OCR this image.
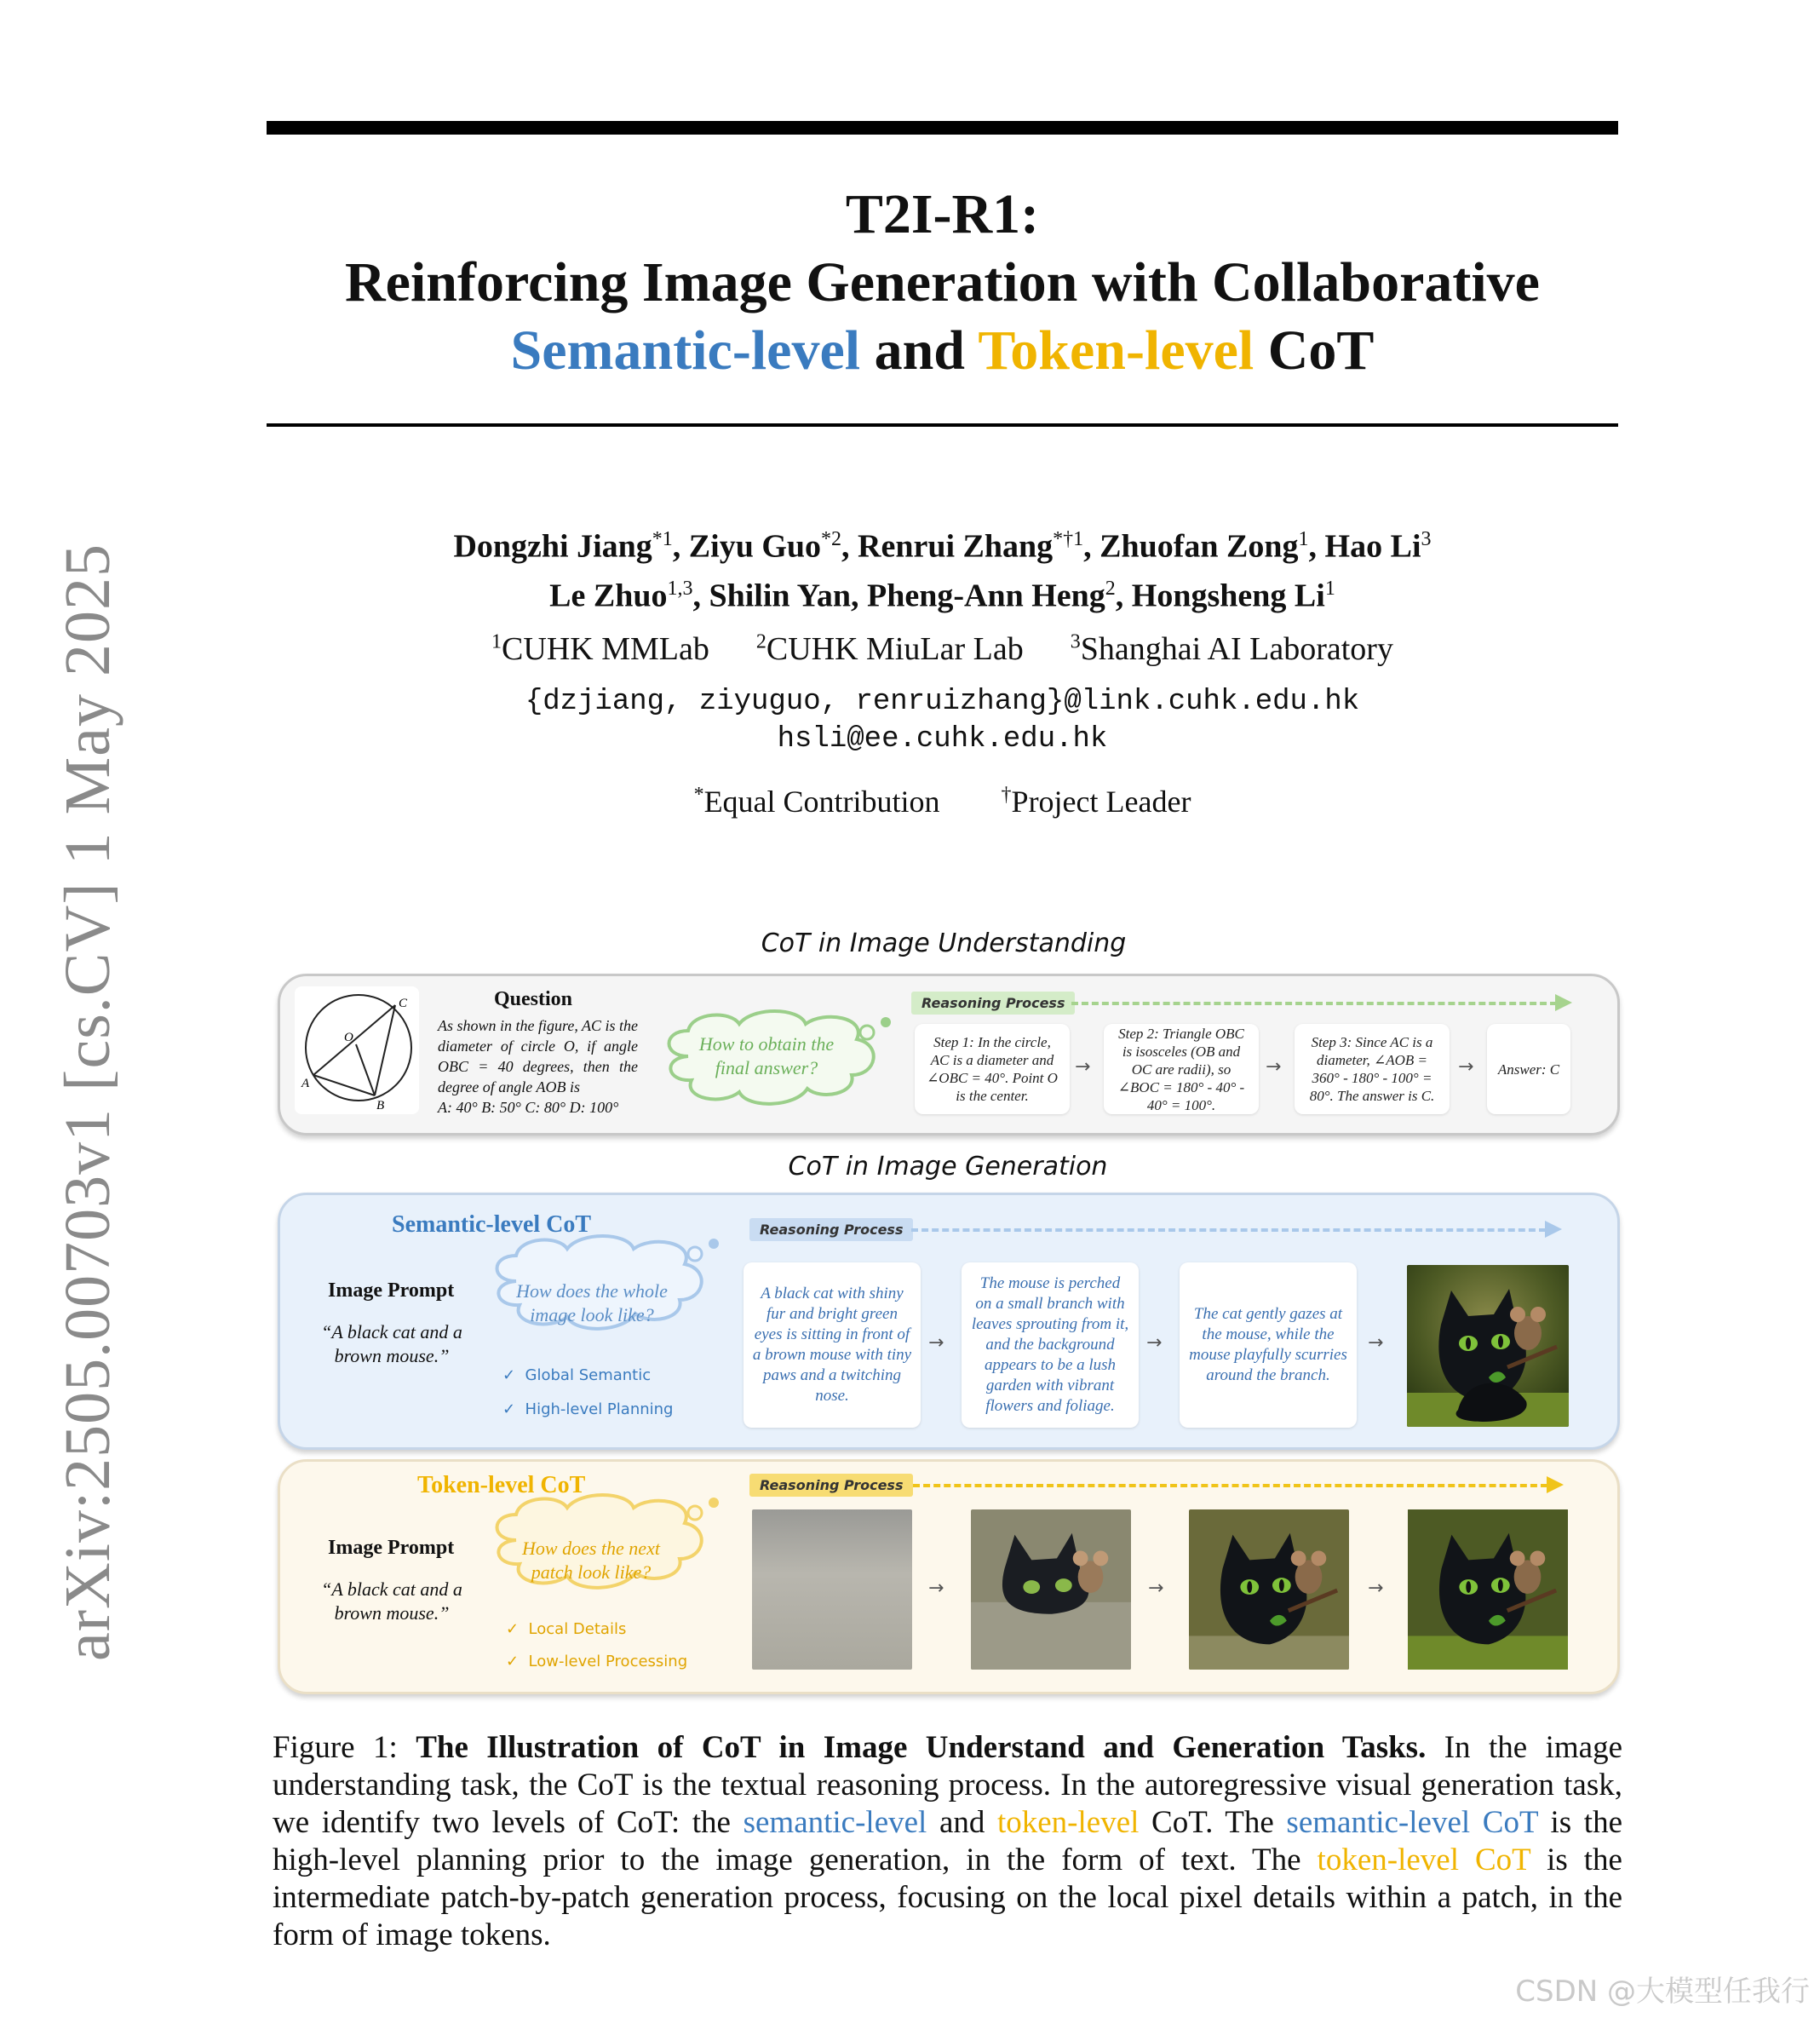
arXiv:2505.00703v1 [cs.CV] 1 May 2025
T2I-R1:
Reinforcing Image Generation with Collaborative
Semantic-level and Token-level CoT
Dongzhi Jiang$^{*1}$, Ziyu Guo$^{*2}$, Renrui Zhang$^{*\dagger 1}$, Zhuofan Zong$^1$, Hao Li$^3$
Le Zhuo$^{1,3}$, Shilin Yan, Pheng-Ann Heng$^2$, Hongsheng Li$^1$
$^1$CUHK MMLab $^2$CUHK MiuLar Lab $^3$Shanghai AI Laboratory
{dzjiang, ziyuguo, renruizhang}@link.cuhk.edu.hk
hsli@ee.cuhk.edu.hk
*Equal Contribution	†Project Leader
CoT in Image Understanding
C
O
A
B
Question
As shown in the figure, AC is the diameter of circle O, if angle OBC = 40 degrees, then the degree of angle AOB is
A: 40° B: 50° C: 80° D: 100°
How to obtain the final answer?
Reasoning Process
Step 1: In the circle, AC is a diameter and ∠OBC = 40°. Point O is the center.
→
Step 2: Triangle OBC is isosceles (OB and OC are radii), so ∠BOC = 180° - 40° - 40° = 100°.
→
Step 3: Since AC is a diameter, ∠AOB = 360° - 180° - 100° = 80°. The answer is C.
→	Answer: C
CoT in Image Generation
Semantic-level CoT
Image Prompt
“A black cat and a brown mouse.”
How does the whole image look like?
✓ Global Semantic
✓ High-level Planning
Reasoning Process
A black cat with shiny fur and bright green eyes is sitting in front of a brown mouse with tiny paws and a twitching nose.
→
The mouse is perched on a small branch with leaves sprouting from it, and the background appears to be a lush garden with vibrant flowers and foliage.
→
The cat gently gazes at the mouse, while the mouse playfully scurries around the branch.
→
Token-level CoT
Image Prompt
“A black cat and a brown mouse.”
How does the next patch look like?
✓ Local Details
✓ Low-level Processing
Reasoning Process
→	→	→
Figure 1: The Illustration of CoT in Image Understand and Generation Tasks. In the image understanding task, the CoT is the textual reasoning process. In the autoregressive visual generation task, we identify two levels of CoT: the semantic-level and token-level CoT. The semantic-level CoT is the high-level planning prior to the image generation, in the form of text. The token-level CoT is the intermediate patch-by-patch generation process, focusing on the local pixel details within a patch, in the form of image tokens.
CSDN @大模型任我行
